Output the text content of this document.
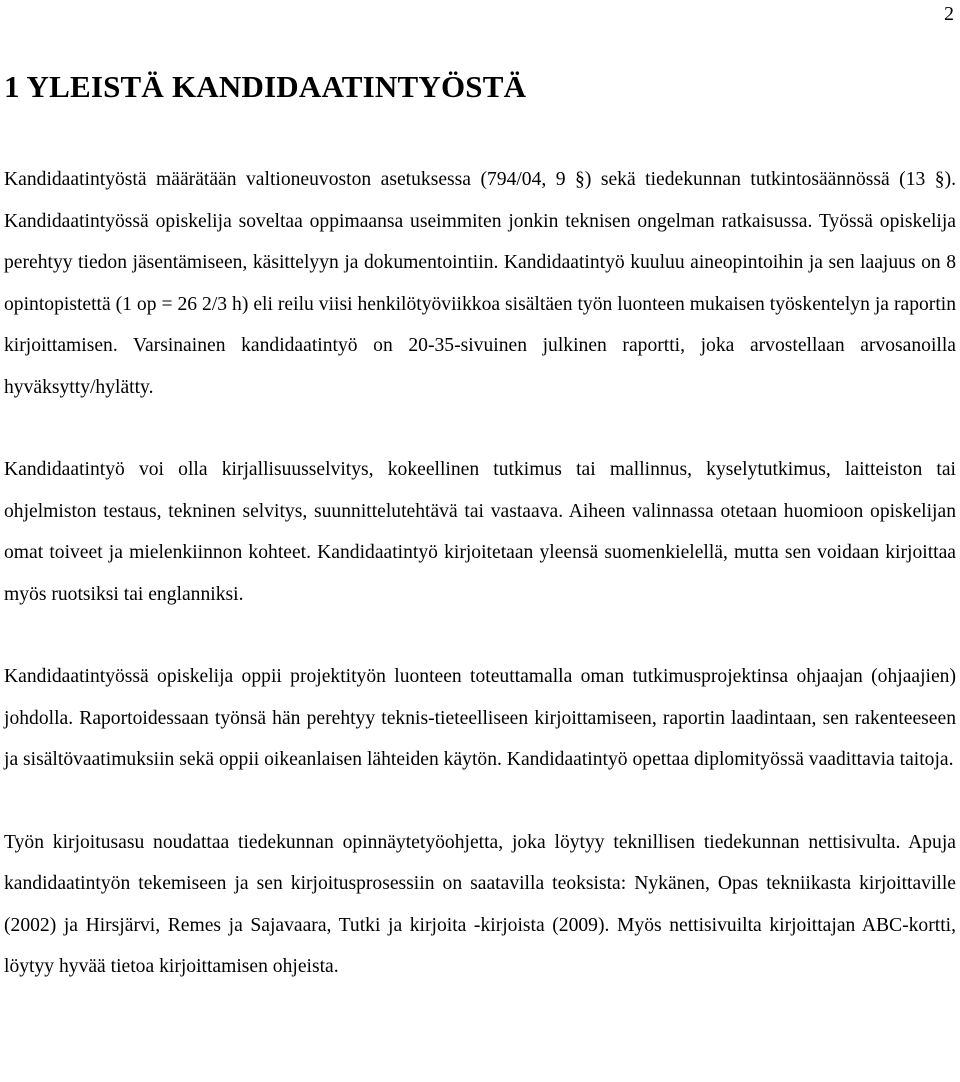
2
1 YLEISTÄ KANDIDAATINTYÖSTÄ

Kandidaatintyöstä määrätään valtioneuvoston asetuksessa (794/04, 9 §) sekä tiedekunnan tutkintosäännössä (13 §). Kandidaatintyössä opiskelija soveltaa oppimaansa useimmiten jonkin teknisen ongelman ratkaisussa. Työssä opiskelija perehtyy tiedon jäsentämiseen, käsittelyyn ja dokumentointiin. Kandidaatintyö kuuluu aineopintoihin ja sen laajuus on 8 opintopistettä (1 op = 26 2/3 h) eli reilu viisi henkilötyöviikkoa sisältäen työn luonteen mukaisen työskentelyn ja raportin kirjoittamisen. Varsinainen kandidaatintyö on 20-35-sivuinen julkinen raportti, joka arvostellaan arvosanoilla hyväksytty/hylätty.

Kandidaatintyö voi olla kirjallisuusselvitys, kokeellinen tutkimus tai mallinnus, kyselytutkimus, laitteiston tai ohjelmiston testaus, tekninen selvitys, suunnittelutehtävä tai vastaava. Aiheen valinnassa otetaan huomioon opiskelijan omat toiveet ja mielenkiinnon kohteet. Kandidaatintyö kirjoitetaan yleensä suomenkielellä, mutta sen voidaan kirjoittaa myös ruotsiksi tai englanniksi.

Kandidaatintyössä opiskelija oppii projektityön luonteen toteuttamalla oman tutkimusprojektinsa ohjaajan (ohjaajien) johdolla. Raportoidessaan työnsä hän perehtyy teknis-tieteelliseen kirjoittamiseen, raportin laadintaan, sen rakenteeseen ja sisältövaatimuksiin sekä oppii oikeanlaisen lähteiden käytön. Kandidaatintyö opettaa diplomityössä vaadittavia taitoja.

Työn kirjoitusasu noudattaa tiedekunnan opinnäytetyöohjetta, joka löytyy teknillisen tiedekunnan nettisivulta. Apuja kandidaatintyön tekemiseen ja sen kirjoitusprosessiin on saatavilla teoksista: Nykänen, Opas tekniikasta kirjoittaville (2002) ja Hirsjärvi, Remes ja Sajavaara, Tutki ja kirjoita -kirjoista (2009). Myös nettisivuilta kirjoittajan ABC-kortti, löytyy hyvää tietoa kirjoittamisen ohjeista.
